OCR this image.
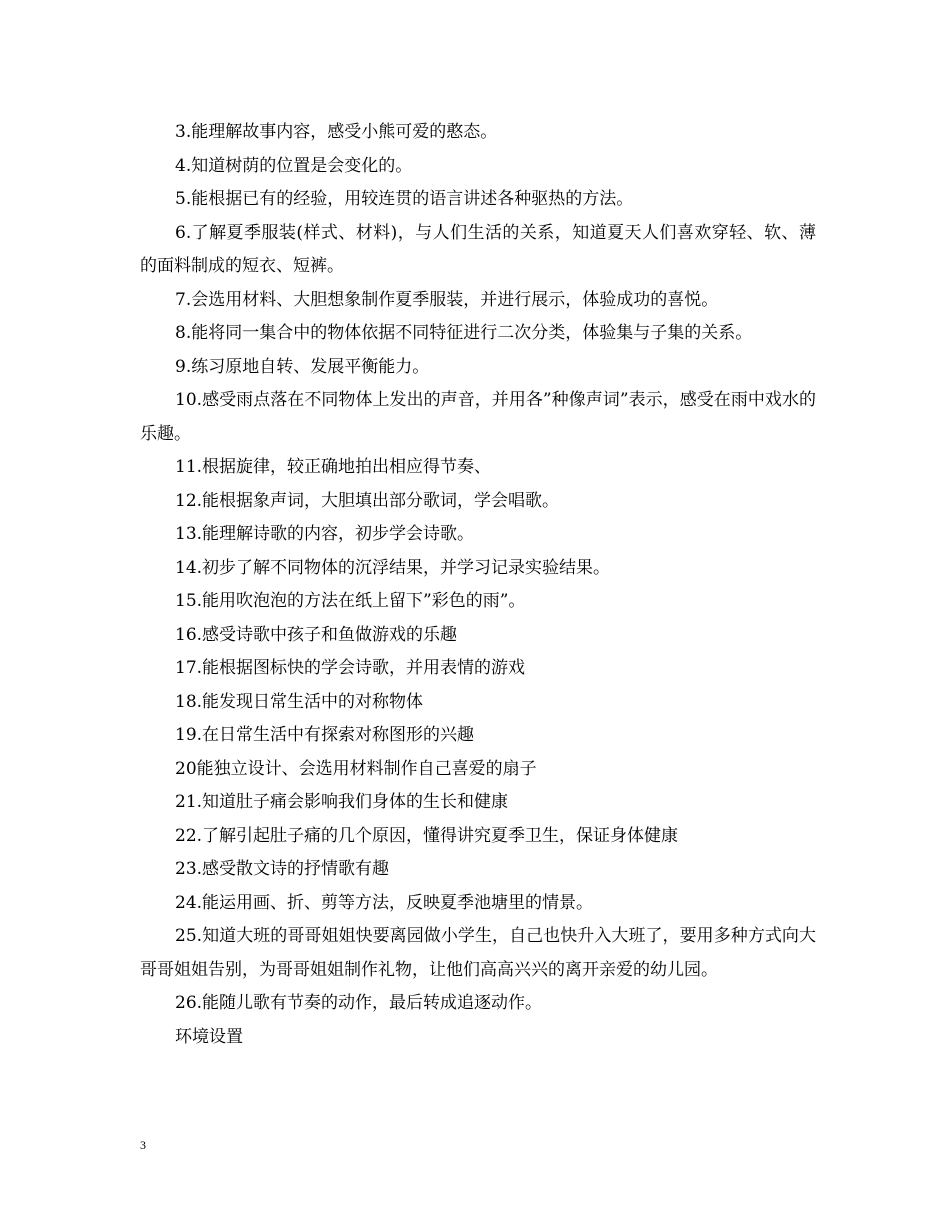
3.能理解故事内容，感受小熊可爱的憨态。

4.知道树荫的位置是会变化的。

5.能根据已有的经验，用较连贯的语言讲述各种驱热的方法。

6.了解夏季服装(样式、材料)，与人们生活的关系，知道夏天人们喜欢穿轻、软、薄的面料制成的短衣、短裤。

7.会选用材料、大胆想象制作夏季服装，并进行展示，体验成功的喜悦。

8.能将同一集合中的物体依据不同特征进行二次分类，体验集与子集的关系。

9.练习原地自转、发展平衡能力。

10.感受雨点落在不同物体上发出的声音，并用各”种像声词”表示，感受在雨中戏水的乐趣。

11.根据旋律，较正确地拍出相应得节奏、

12.能根据象声词，大胆填出部分歌词，学会唱歌。

13.能理解诗歌的内容，初步学会诗歌。

14.初步了解不同物体的沉浮结果，并学习记录实验结果。

15.能用吹泡泡的方法在纸上留下”彩色的雨”。

16.感受诗歌中孩子和鱼做游戏的乐趣

17.能根据图标快的学会诗歌，并用表情的游戏

18.能发现日常生活中的对称物体

19.在日常生活中有探索对称图形的兴趣

20能独立设计、会选用材料制作自己喜爱的扇子

21.知道肚子痛会影响我们身体的生长和健康

22.了解引起肚子痛的几个原因，懂得讲究夏季卫生，保证身体健康

23.感受散文诗的抒情歌有趣

24.能运用画、折、剪等方法，反映夏季池塘里的情景。

25.知道大班的哥哥姐姐快要离园做小学生，自己也快升入大班了，要用多种方式向大哥哥姐姐告别，为哥哥姐姐制作礼物，让他们高高兴兴的离开亲爱的幼儿园。

26.能随儿歌有节奏的动作，最后转成追逐动作。

环境设置

3
